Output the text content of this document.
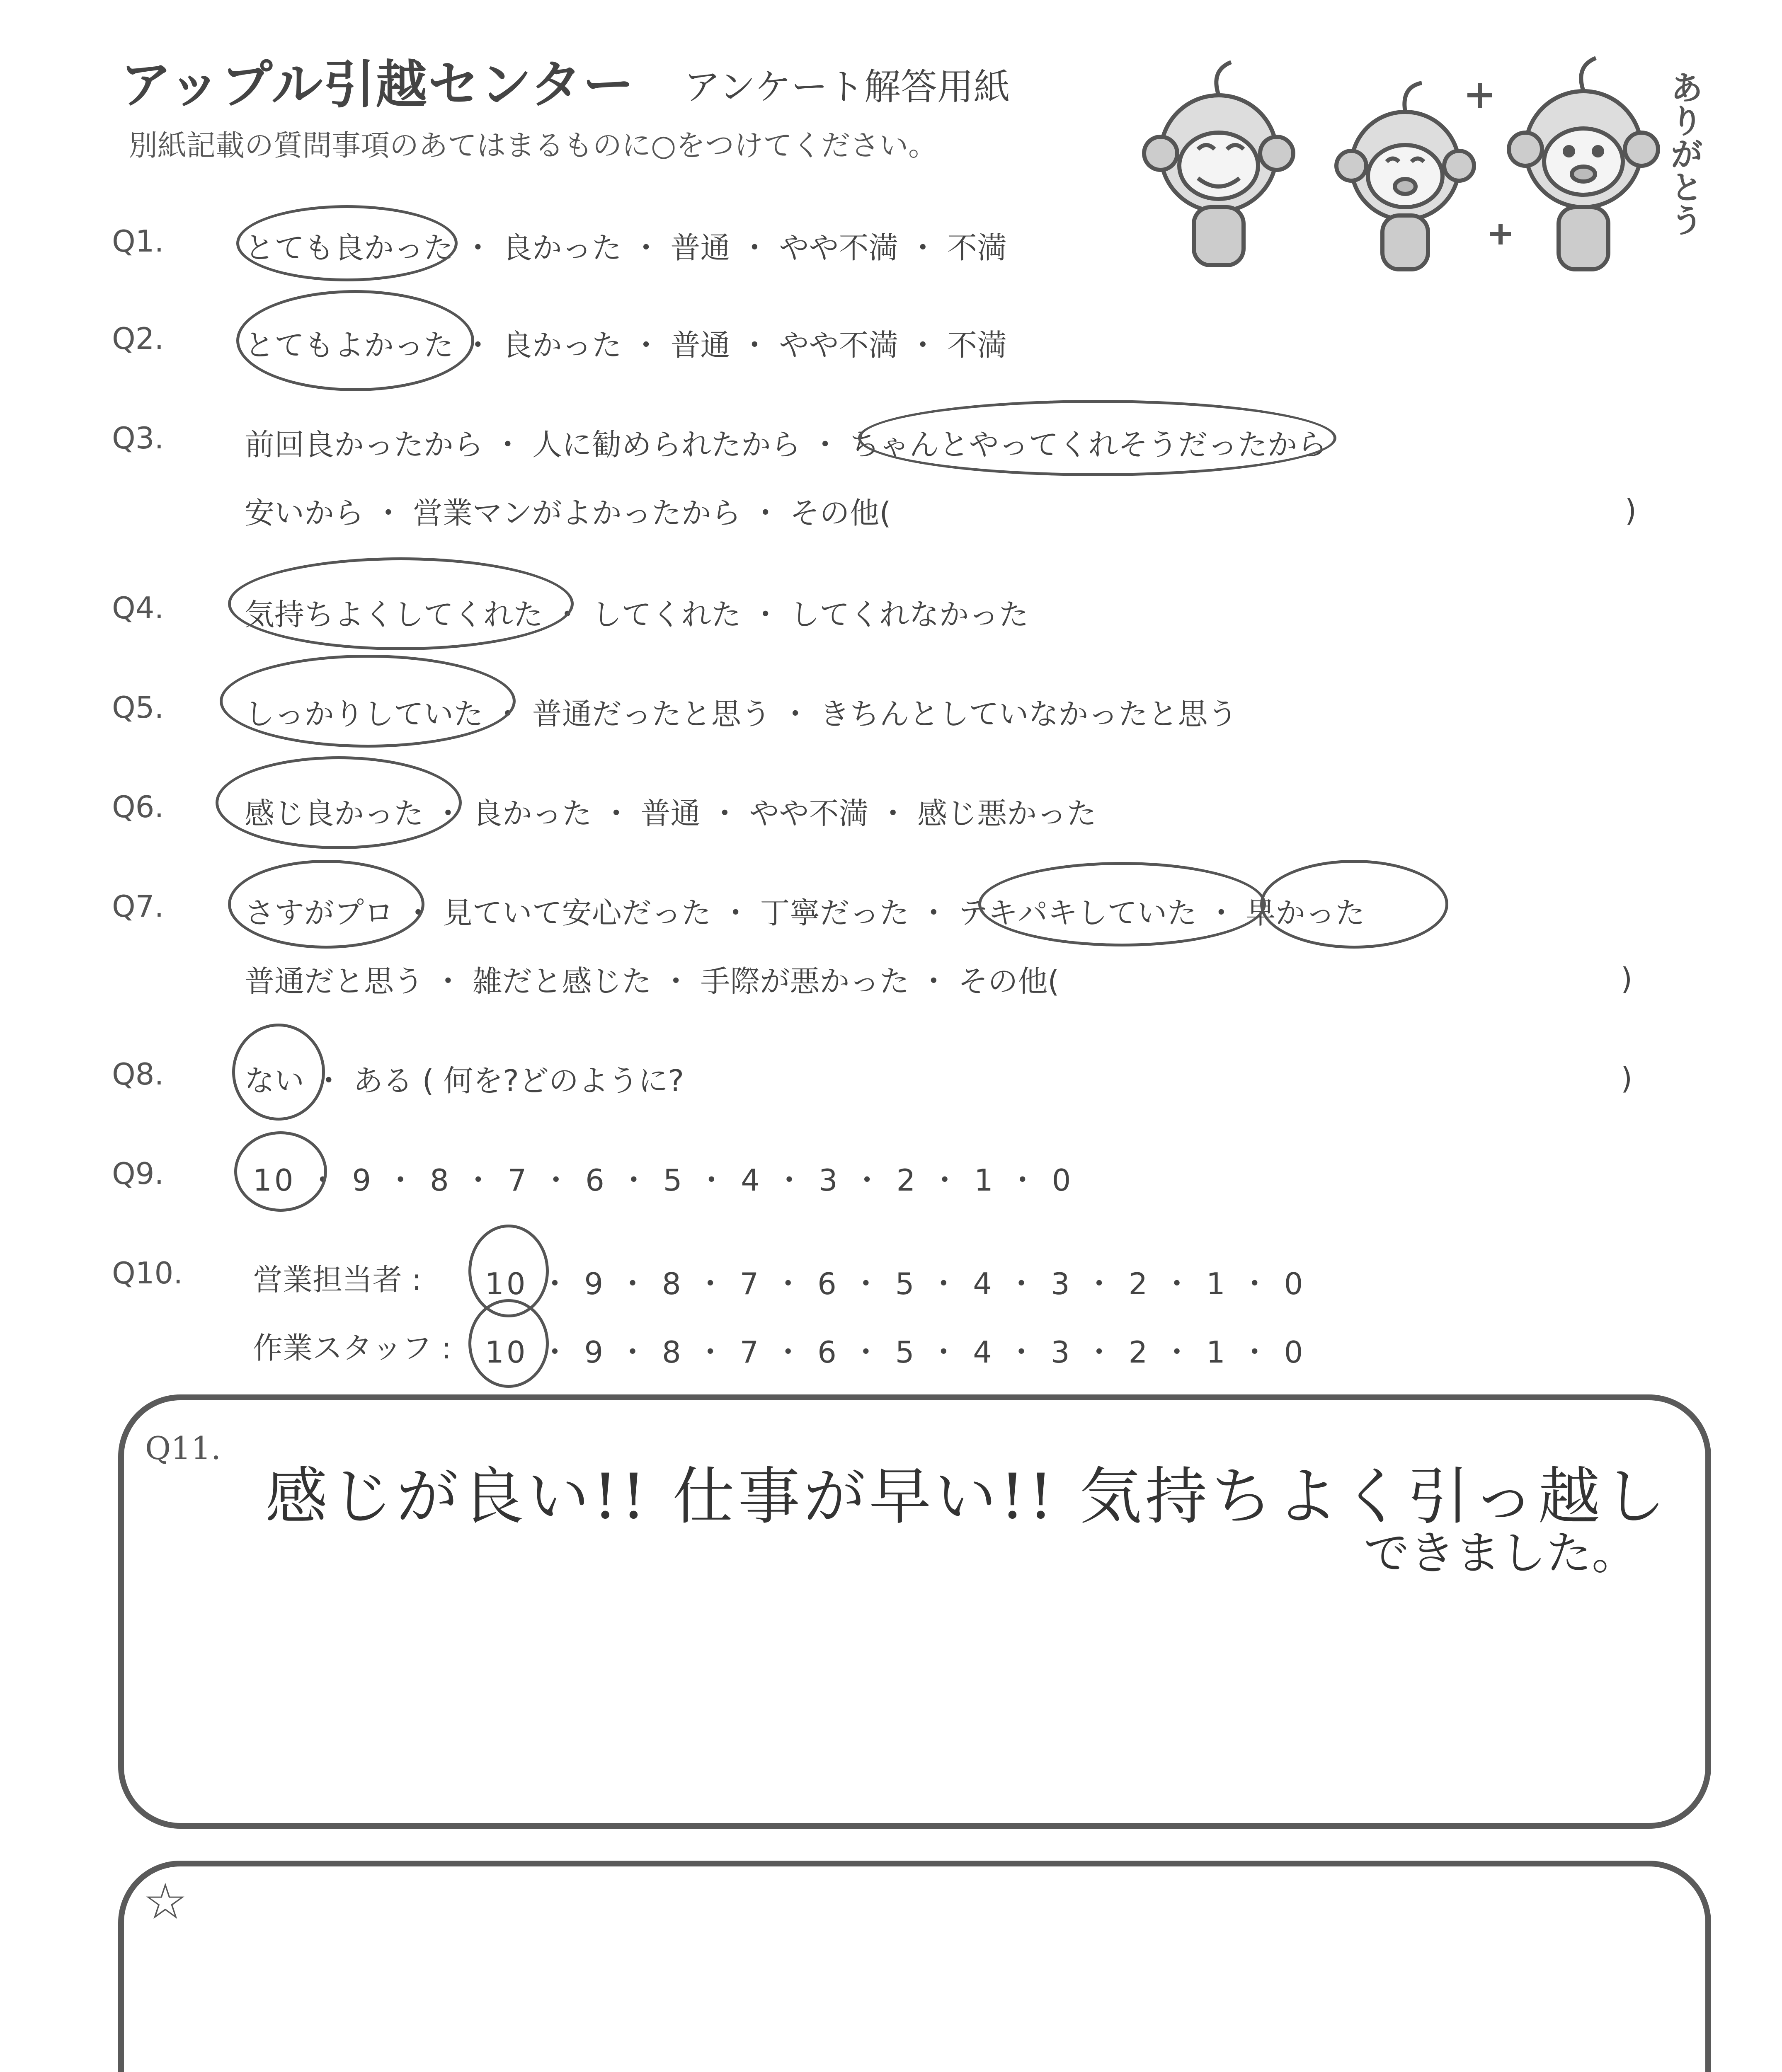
アップル引越センター アンケート解答用紙
別紙記載の質問事項のあてはまるものに○をつけてください。	ありがとう
Q1.	とても良かった ・ 良かった ・ 普通 ・ やや不満 ・ 不満
Q2.	とてもよかった ・ 良かった ・ 普通 ・ やや不満 ・ 不満
Q3.	前回良かったから ・ 人に勧められたから ・ ちゃんとやってくれそうだったから
安いから ・ 営業マンがよかったから ・ その他(	)
Q4.	気持ちよくしてくれた ・ してくれた ・ してくれなかった
Q5.	しっかりしていた ・ 普通だったと思う ・ きちんとしていなかったと思う
Q6.	感じ良かった ・ 良かった ・ 普通 ・ やや不満 ・ 感じ悪かった
Q7.	さすがプロ ・ 見ていて安心だった ・ 丁寧だった ・ テキパキしていた ・ 早かった
普通だと思う ・ 雑だと感じた ・ 手際が悪かった ・ その他(	)
Q8.	ない ・ ある ( 何を?どのように?	)
Q9.	10 ・ 9 ・ 8 ・ 7 ・ 6 ・ 5 ・ 4 ・ 3 ・ 2 ・ 1 ・ 0
Q10. 営業担当者 : 10 ・ 9 ・ 8 ・ 7 ・ 6 ・ 5 ・ 4 ・ 3 ・ 2 ・ 1 ・ 0
作業スタッフ : 10 ・ 9 ・ 8 ・ 7 ・ 6 ・ 5 ・ 4 ・ 3 ・ 2 ・ 1 ・ 0
Q11.
感じが良い!! 仕事が早い!! 気持ちよく引っ越し
できました。
☆
